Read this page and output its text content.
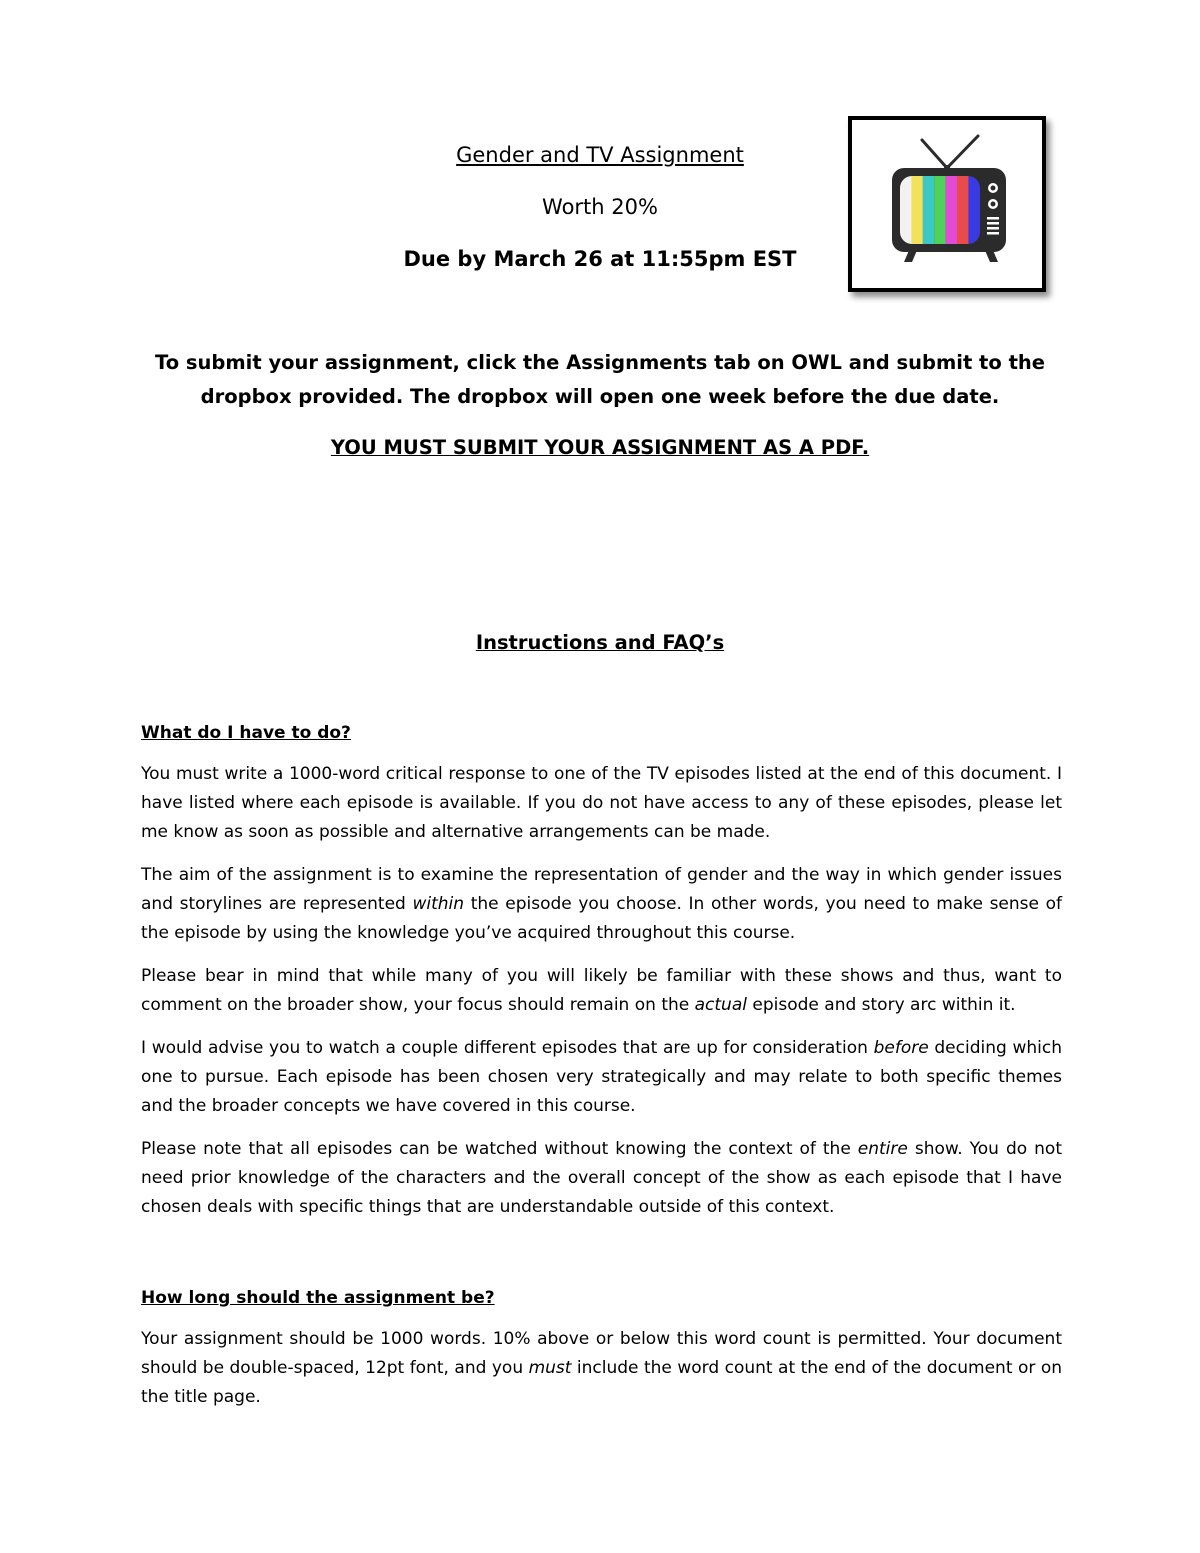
Gender and TV Assignment

Worth 20%

Due by March 26 at 11:55pm EST

To submit your assignment, click the Assignments tab on OWL and submit to the dropbox provided. The dropbox will open one week before the due date.

YOU MUST SUBMIT YOUR ASSIGNMENT AS A PDF.

Instructions and FAQ’s

What do I have to do?

You must write a 1000-word critical response to one of the TV episodes listed at the end of this document. I have listed where each episode is available. If you do not have access to any of these episodes, please let me know as soon as possible and alternative arrangements can be made.

The aim of the assignment is to examine the representation of gender and the way in which gender issues and storylines are represented within the episode you choose. In other words, you need to make sense of the episode by using the knowledge you’ve acquired throughout this course.

Please bear in mind that while many of you will likely be familiar with these shows and thus, want to comment on the broader show, your focus should remain on the actual episode and story arc within it.

I would advise you to watch a couple different episodes that are up for consideration before deciding which one to pursue. Each episode has been chosen very strategically and may relate to both specific themes and the broader concepts we have covered in this course.

Please note that all episodes can be watched without knowing the context of the entire show. You do not need prior knowledge of the characters and the overall concept of the show as each episode that I have chosen deals with specific things that are understandable outside of this context.

How long should the assignment be?

Your assignment should be 1000 words. 10% above or below this word count is permitted. Your document should be double-spaced, 12pt font, and you must include the word count at the end of the document or on the title page.
